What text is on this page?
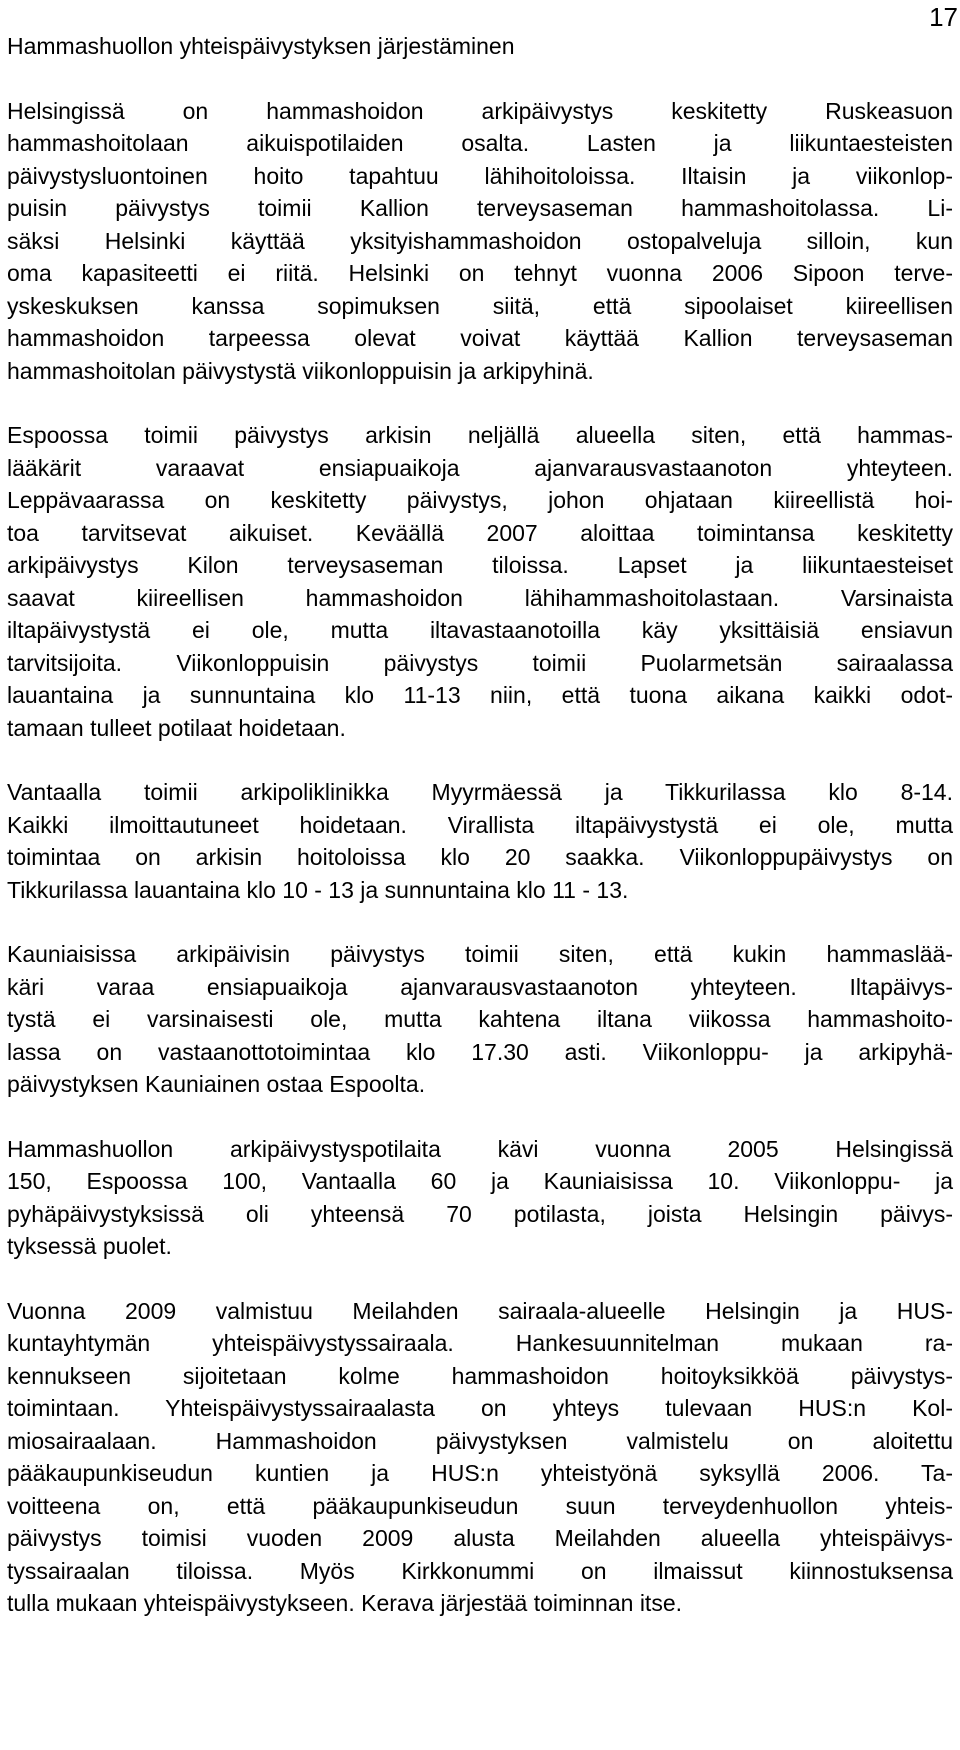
17
Hammashuollon yhteispäivystyksen järjestäminen
Helsingissä on hammashoidon arkipäivystys keskitetty Ruskeasuon
hammashoitolaan aikuispotilaiden osalta. Lasten ja liikuntaesteisten
päivystysluontoinen hoito tapahtuu lähihoitoloissa. Iltaisin ja viikonlop-
puisin päivystys toimii Kallion terveysaseman hammashoitolassa. Li-
säksi Helsinki käyttää yksityishammashoidon ostopalveluja silloin, kun
oma kapasiteetti ei riitä. Helsinki on tehnyt vuonna 2006 Sipoon terve-
yskeskuksen kanssa sopimuksen siitä, että sipoolaiset kiireellisen
hammashoidon tarpeessa olevat voivat käyttää Kallion terveysaseman
hammashoitolan päivystystä viikonloppuisin ja arkipyhinä.
Espoossa toimii päivystys arkisin neljällä alueella siten, että hammas-
lääkärit varaavat ensiapuaikoja ajanvarausvastaanoton yhteyteen.
Leppävaarassa on keskitetty päivystys, johon ohjataan kiireellistä hoi-
toa tarvitsevat aikuiset. Keväällä 2007 aloittaa toimintansa keskitetty
arkipäivystys Kilon terveysaseman tiloissa. Lapset ja liikuntaesteiset
saavat kiireellisen hammashoidon lähihammashoitolastaan. Varsinaista
iltapäivystystä ei ole, mutta iltavastaanotoilla käy yksittäisiä ensiavun
tarvitsijoita. Viikonloppuisin päivystys toimii Puolarmetsän sairaalassa
lauantaina ja sunnuntaina klo 11-13 niin, että tuona aikana kaikki odot-
tamaan tulleet potilaat hoidetaan.
Vantaalla toimii arkipoliklinikka Myyrmäessä ja Tikkurilassa klo 8-14.
Kaikki ilmoittautuneet hoidetaan. Virallista iltapäivystystä ei ole, mutta
toimintaa on arkisin hoitoloissa klo 20 saakka. Viikonloppupäivystys on
Tikkurilassa lauantaina klo 10 - 13 ja sunnuntaina klo 11 - 13.
Kauniaisissa arkipäivisin päivystys toimii siten, että kukin hammaslää-
käri varaa ensiapuaikoja ajanvarausvastaanoton yhteyteen. Iltapäivys-
tystä ei varsinaisesti ole, mutta kahtena iltana viikossa hammashoito-
lassa on vastaanottotoimintaa klo 17.30 asti. Viikonloppu- ja arkipyhä-
päivystyksen Kauniainen ostaa Espoolta.
Hammashuollon arkipäivystyspotilaita kävi vuonna 2005 Helsingissä
150, Espoossa 100, Vantaalla 60 ja Kauniaisissa 10. Viikonloppu- ja
pyhäpäivystyksissä oli yhteensä 70 potilasta, joista Helsingin päivys-
tyksessä puolet.
Vuonna 2009 valmistuu Meilahden sairaala-alueelle Helsingin ja HUS-
kuntayhtymän yhteispäivystyssairaala. Hankesuunnitelman mukaan ra-
kennukseen sijoitetaan kolme hammashoidon hoitoyksikköä päivystys-
toimintaan. Yhteispäivystyssairaalasta on yhteys tulevaan HUS:n Kol-
miosairaalaan. Hammashoidon päivystyksen valmistelu on aloitettu
pääkaupunkiseudun kuntien ja HUS:n yhteistyönä syksyllä 2006. Ta-
voitteena on, että pääkaupunkiseudun suun terveydenhuollon yhteis-
päivystys toimisi vuoden 2009 alusta Meilahden alueella yhteispäivys-
tyssairaalan tiloissa. Myös Kirkkonummi on ilmaissut kiinnostuksensa
tulla mukaan yhteispäivystykseen. Kerava järjestää toiminnan itse.
